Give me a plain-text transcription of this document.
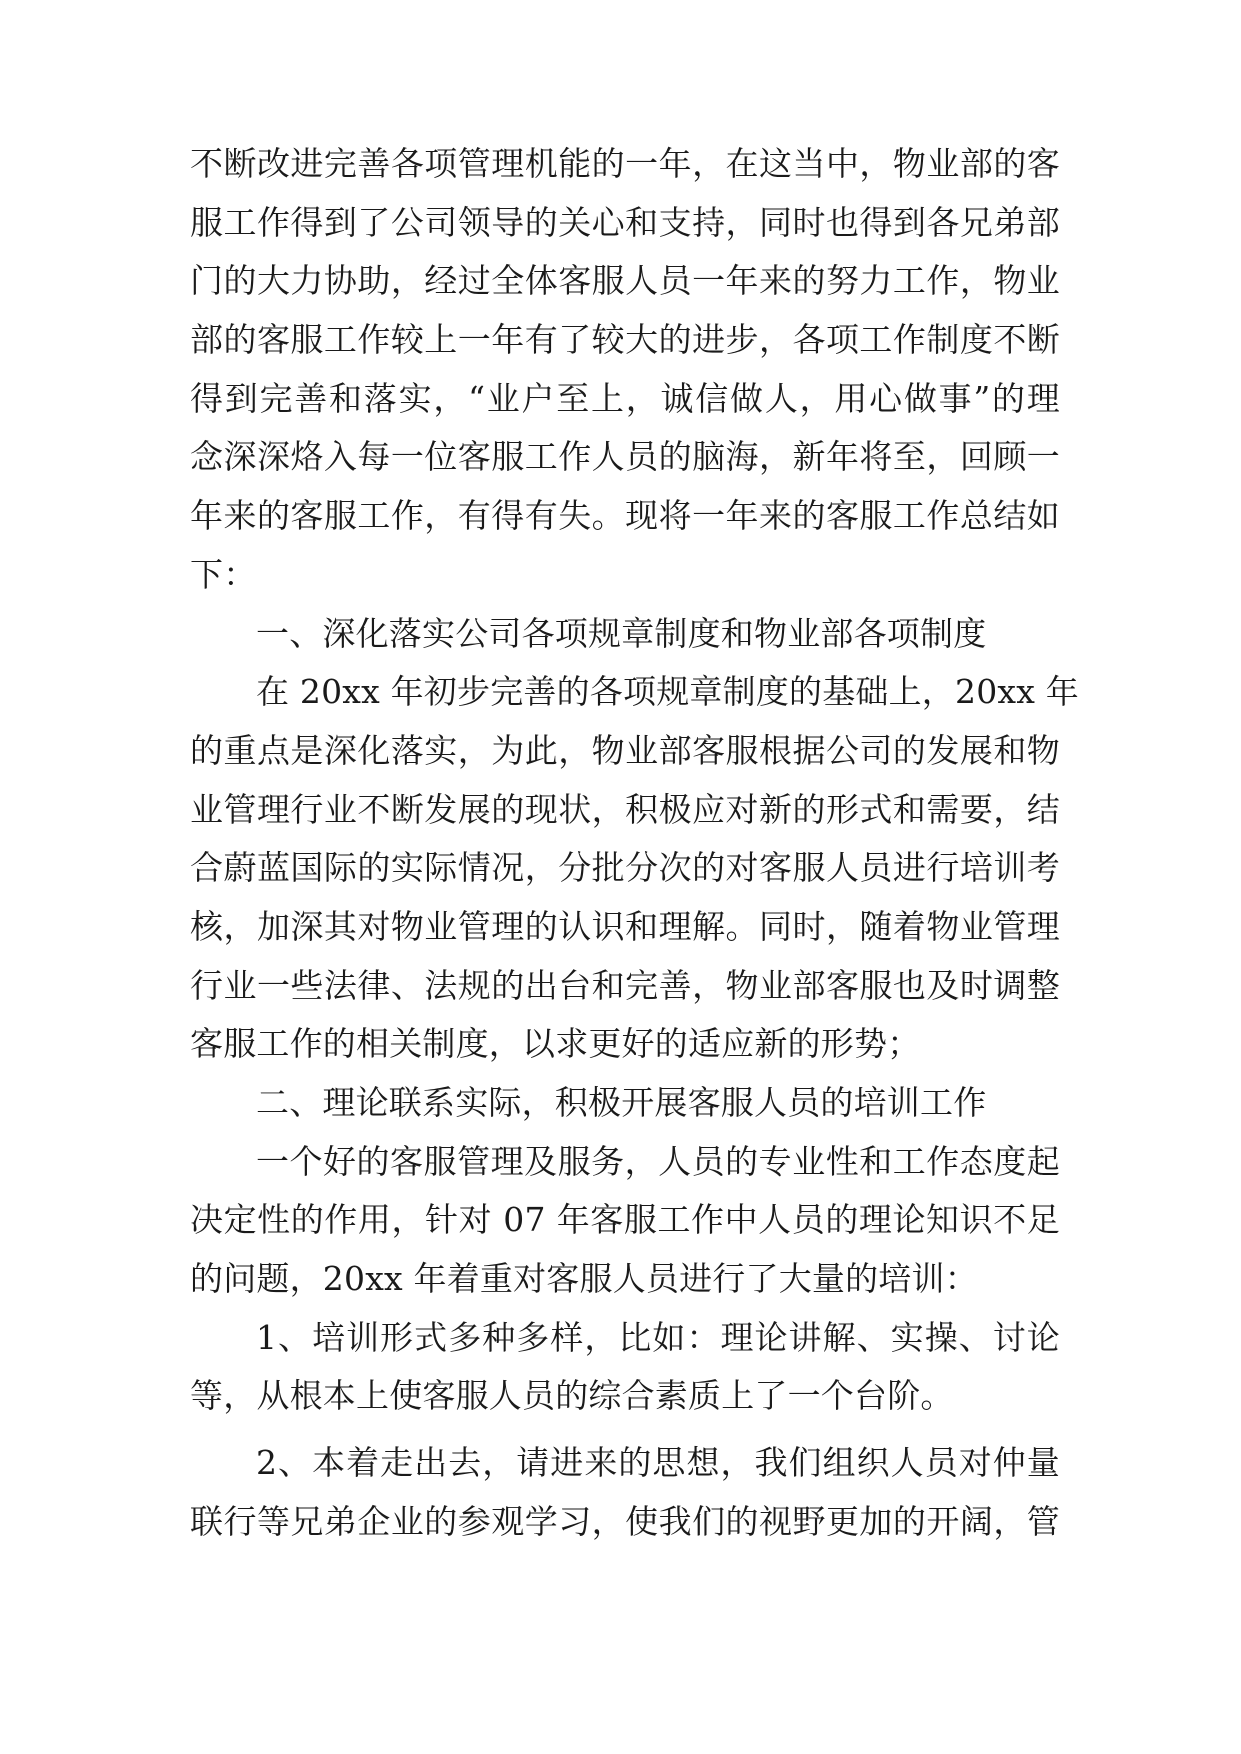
不断改进完善各项管理机能的一年，在这当中，物业部的客
服工作得到了公司领导的关心和支持，同时也得到各兄弟部
门的大力协助，经过全体客服人员一年来的努力工作，物业
部的客服工作较上一年有了较大的进步，各项工作制度不断
得到完善和落实，“业户至上，诚信做人，用心做事”的理
念深深烙入每一位客服工作人员的脑海，新年将至，回顾一
年来的客服工作，有得有失。现将一年来的客服工作总结如
下：
一、深化落实公司各项规章制度和物业部各项制度
在 20xx 年初步完善的各项规章制度的基础上，20xx 年
的重点是深化落实，为此，物业部客服根据公司的发展和物
业管理行业不断发展的现状，积极应对新的形式和需要，结
合蔚蓝国际的实际情况，分批分次的对客服人员进行培训考
核，加深其对物业管理的认识和理解。同时，随着物业管理
行业一些法律、法规的出台和完善，物业部客服也及时调整
客服工作的相关制度，以求更好的适应新的形势；
二、理论联系实际，积极开展客服人员的培训工作
一个好的客服管理及服务，人员的专业性和工作态度起
决定性的作用，针对 07 年客服工作中人员的理论知识不足
的问题，20xx 年着重对客服人员进行了大量的培训：
1、培训形式多种多样，比如：理论讲解、实操、讨论
等，从根本上使客服人员的综合素质上了一个台阶。
2、本着走出去，请进来的思想，我们组织人员对仲量
联行等兄弟企业的参观学习，使我们的视野更加的开阔，管
